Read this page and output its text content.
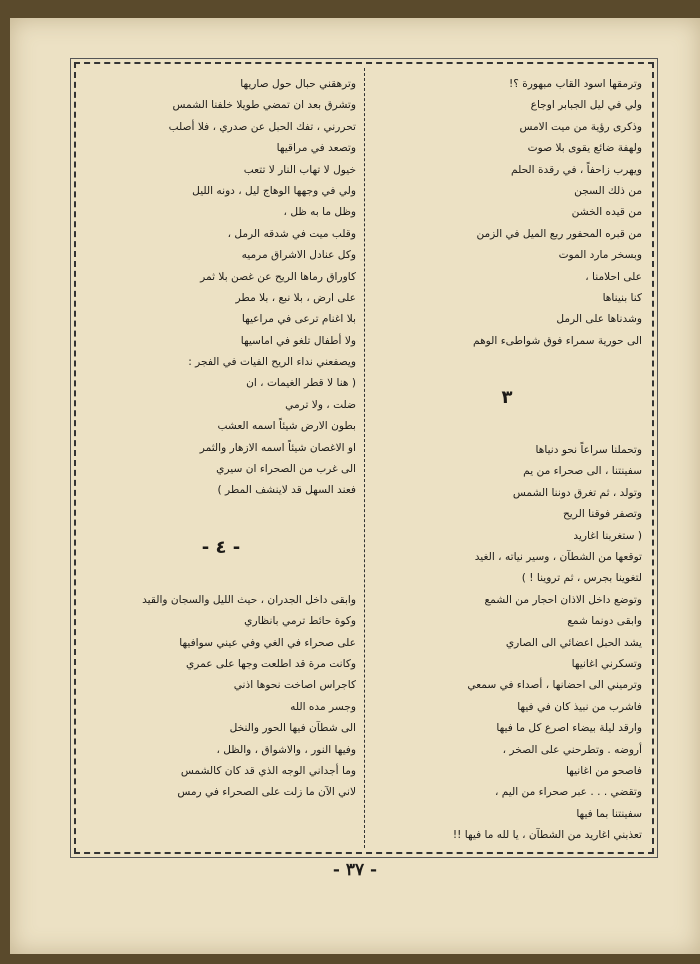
وترمقها اسود القاب مبهورة ؟!
ولي في ليل الجبابر اوجاع
وذكرى رؤية من ميت الامس
ولهفة ضائع يقوى بلا صوت
ويهرب زاحفاً ، في رقدة الحلم
من ذلك السجن
من قيده الخشن
من قبره المحفور ربع الميل في الزمن
وبسخر مارد الموت
على احلامنا ،
كنا بنيناها
وشدناها على الرمل
الى حورية سمراء فوق شواطىء الوهم
٣
وتحملنا سراعاً نحو دنياها
سفينتنا ، الى صحراء من يم
وتولد ، ثم تغرق دوننا الشمس
وتصفر فوقنا الريح
( ستغربنا اغاريد
توقعها من الشطآن ، وسير نياته ، الغيد
لتغوينا بجرس ، ثم تروينا ! )
وتوضع داخل الاذان احجار من الشمع
وابقى دونما شمع
يشد الحبل اعضائي الى الصاري
وتسكرني اغانيها
وترميني الى احضانها ، أصداء في سمعي
فاشرب من نبيذ كان في فيها
وارقد ليلة بيضاء اصرع كل ما فيها
أروضه . وتطرحني على الصخر ،
فاصحو من اغانيها
وتقضي . . . عبر صحراء من اليم ،
سفينتنا بما فيها
تعذبني اغاريد من الشطآن ، يا لله ما فيها !!
وترهقني حبال حول صاريها
وتشرق بعد ان تمضي طويلا خلفنا الشمس
تحررني ، تفك الحبل عن صدري ، فلا أصلب
وتصعد في مراقيها
خيول لا تهاب النار لا تتعب
ولي في وجهها الوهاج ليل ، دونه الليل
وظل ما به ظل ،
وقلب ميت في شدقه الرمل ،
وكل عنادل الاشراق مرميه
كاوراق رماها الريح عن غصن بلا ثمر
على ارض ، بلا نبع ، بلا مطر
بلا اغنام ترعى في مراعيها
ولا أطفال تلغو في اماسيها
ويصفعني نداء الريح الفيات في الفجر :
( هنا لا قطر الغيمات ، ان
ضلت ، ولا ترمي
بطون الارض شيئاً اسمه العشب
او الاغصان شيئاً اسمه الازهار والثمر
الى غرب من الصحراء ان سيري
فعند السهل قد لاينشف المطر )
- ٤ -
وابقى داخل الجدران ، حيث الليل والسجان والقيد
وكوة حائط ترمي بانظاري
على صحراء في الغي وفي عيني سوافيها
وكانت مرة قد اطلعت وجها على عمري
كاجراس اصاخت نحوها اذني
وجسر مده الله
الى شطآن فيها الحور والنخل
وفيها النور ، والاشواق ، والظل ،
وما أجداني الوجه الذي قد كان كالشمس
لاني الآن ما زلت على الصحراء في رمس
- ٣٧ -
